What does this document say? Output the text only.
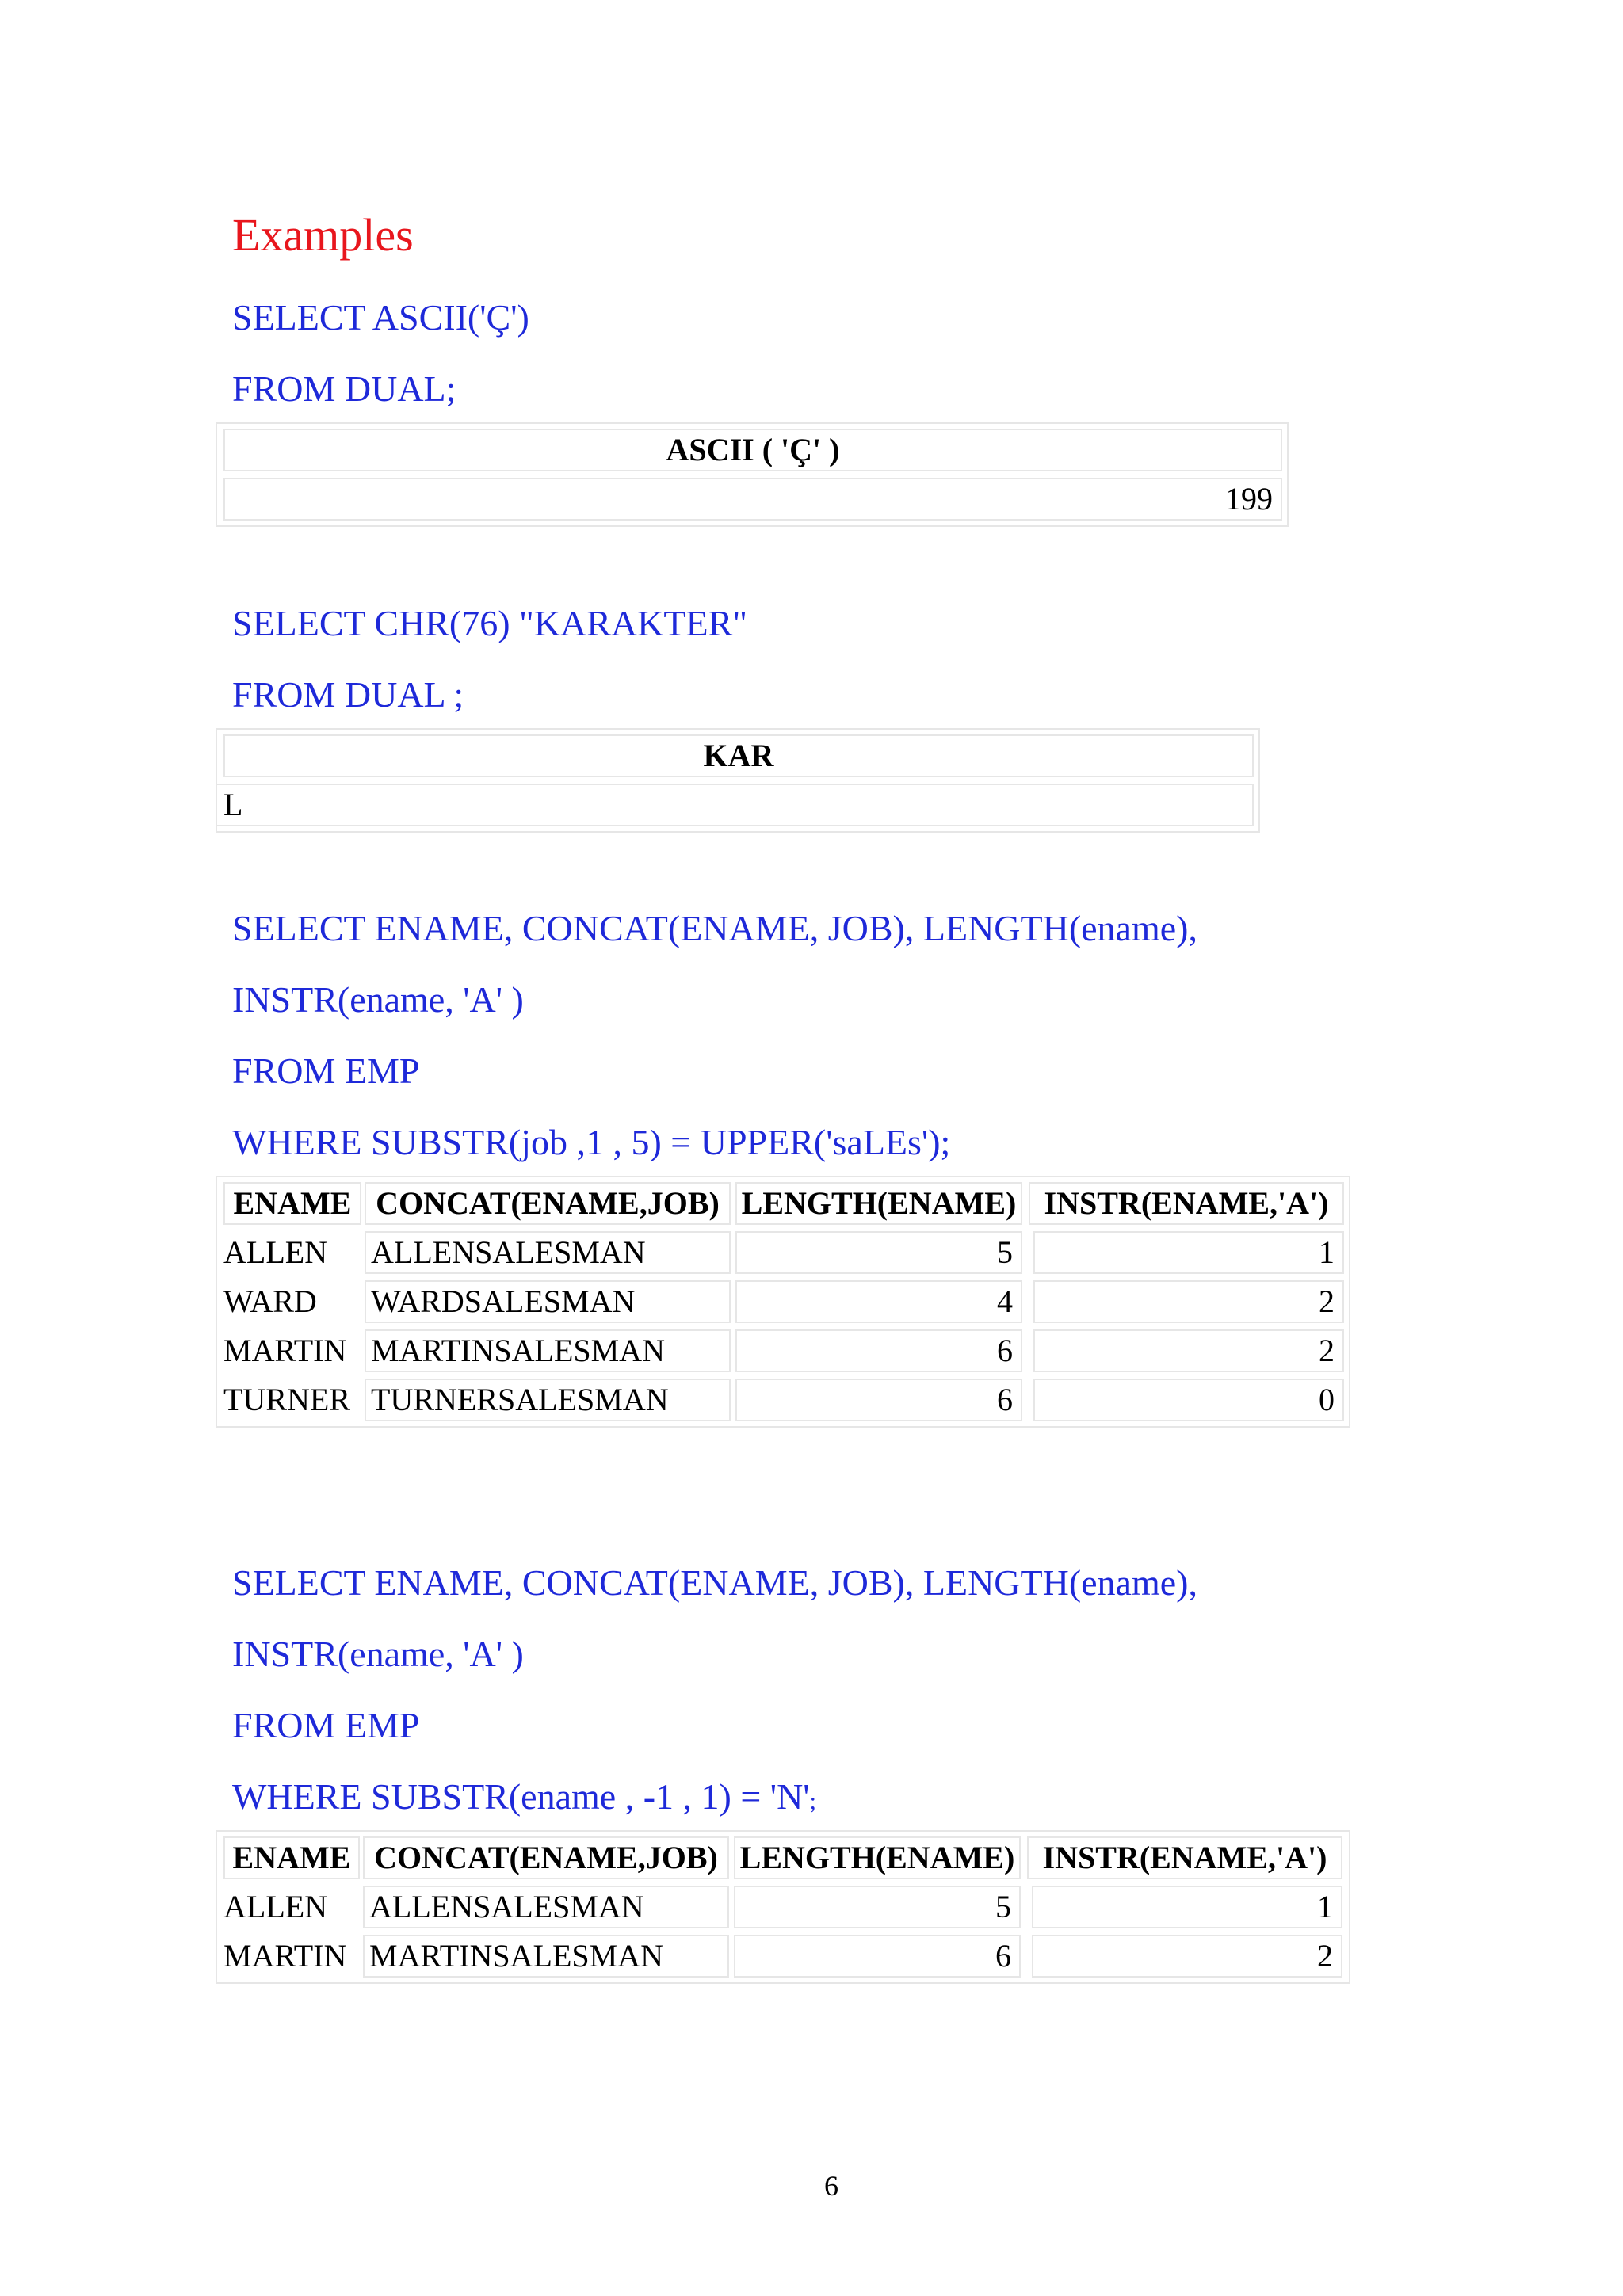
Examples
SELECT ASCII('Ç')
FROM DUAL;
ASCII ( 'Ç' )
199
SELECT CHR(76) "KARAKTER"
FROM DUAL ;
KAR
L
SELECT ENAME, CONCAT(ENAME, JOB), LENGTH(ename),
INSTR(ename, 'A' )
FROM EMP
WHERE SUBSTR(job ,1 , 5) = UPPER('saLEs');
ENAME CONCAT(ENAME,JOB) LENGTH(ENAME) INSTR(ENAME,'A')
ALLEN	ALLENSALESMAN	5	1
WARD	WARDSALESMAN	4	2
MARTIN MARTINSALESMAN	6	2
TURNER TURNERSALESMAN	6	0
SELECT ENAME, CONCAT(ENAME, JOB), LENGTH(ename),
INSTR(ename, 'A' )
FROM EMP
WHERE SUBSTR(ename , -1 , 1) = 'N';
ENAME CONCAT(ENAME,JOB) LENGTH(ENAME) INSTR(ENAME,'A')
ALLEN	ALLENSALESMAN	5	1
MARTIN MARTINSALESMAN	6	2
6
